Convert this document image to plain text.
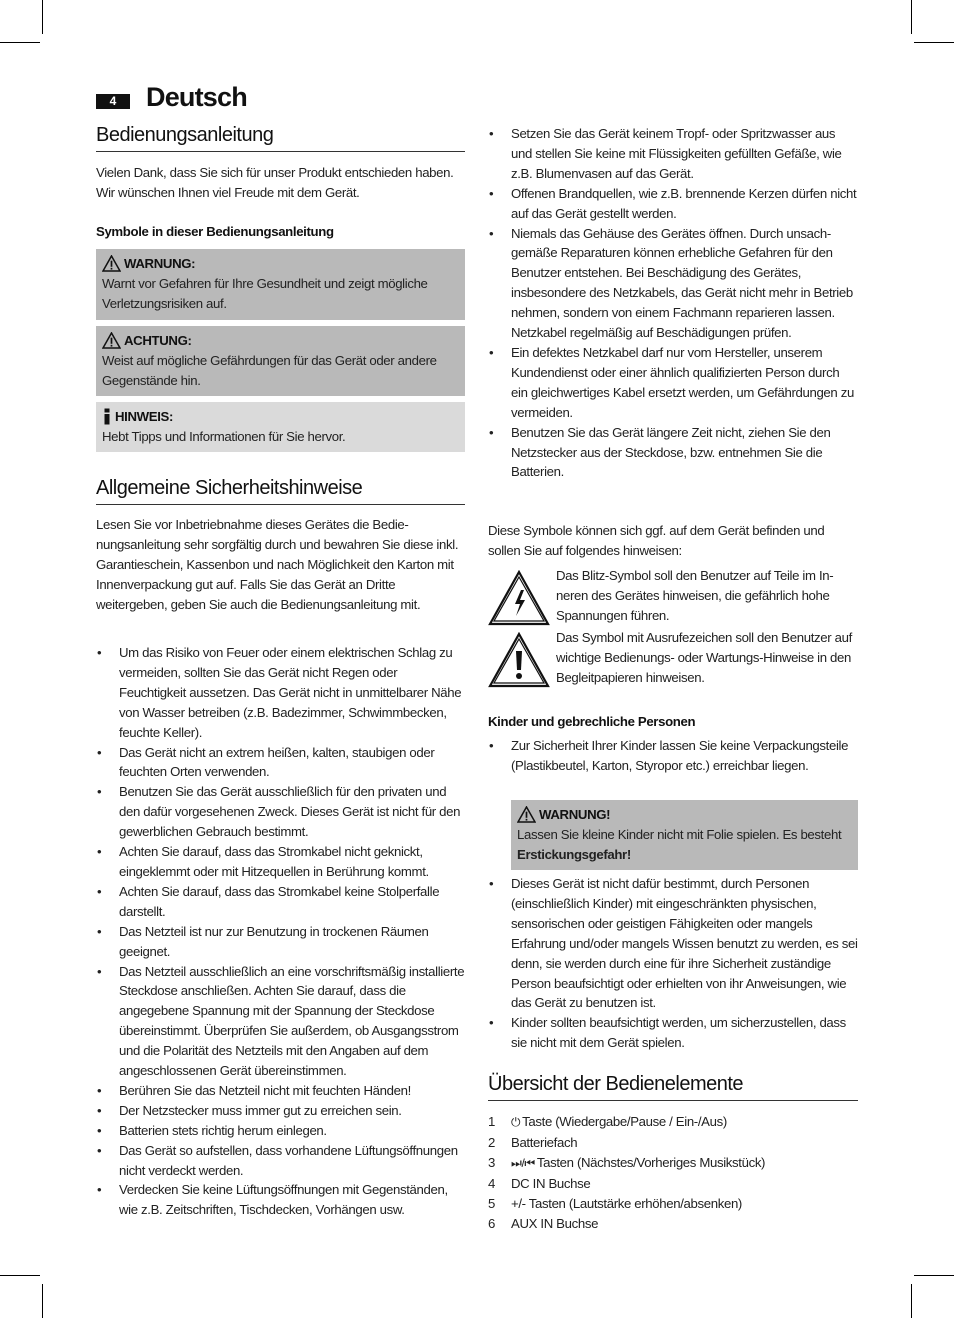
4	Deutsch
Bedienungsanleitung

Vielen Dank, dass Sie sich für unser Produkt entschieden haben. Wir wünschen Ihnen viel Freude mit dem Gerät.

Symbole in dieser Bedienungsanleitung

WARNUNG:
Warnt vor Gefahren für Ihre Gesundheit und zeigt mögliche Verletzungsrisiken auf.
ACHTUNG:
Weist auf mögliche Gefährdungen für das Gerät oder andere Gegenstände hin.
HINWEIS:
Hebt Tipps und Informationen für Sie hervor.
Allgemeine Sicherheitshinweise

Lesen Sie vor Inbetriebnahme dieses Gerätes die Bedienungsanleitung sehr sorgfältig durch und bewahren Sie diese inkl. Garantieschein, Kassenbon und nach Möglichkeit den Karton mit Innenverpackung gut auf. Falls Sie das Gerät an Dritte weitergeben, geben Sie auch die Bedienungsanleitung mit.

• Um das Risiko von Feuer oder einem elektrischen Schlag zu vermeiden, sollten Sie das Gerät nicht Regen oder Feuchtigkeit aussetzen. Das Gerät nicht in unmittelbarer Nähe von Wasser betreiben (z.B. Badezimmer, Schwimmbecken, feuchte Keller).
• Das Gerät nicht an extrem heißen, kalten, staubigen oder feuchten Orten verwenden.
• Benutzen Sie das Gerät ausschließlich für den privaten und den dafür vorgesehenen Zweck. Dieses Gerät ist nicht für den gewerblichen Gebrauch bestimmt.
• Achten Sie darauf, dass das Stromkabel nicht geknickt, eingeklemmt oder mit Hitzequellen in Berührung kommt.
• Achten Sie darauf, dass das Stromkabel keine Stolperfalle darstellt.
• Das Netzteil ist nur zur Benutzung in trockenen Räumen geeignet.
• Das Netzteil ausschließlich an eine vorschriftsmäßig installierte Steckdose anschließen. Achten Sie darauf, dass die angegebene Spannung mit der Spannung der Steckdose übereinstimmt. Überprüfen Sie außerdem, ob Ausgangsstrom und die Polarität des Netzteils mit den Angaben auf dem angeschlossenen Gerät übereinstimmen.
• Berühren Sie das Netzteil nicht mit feuchten Händen!
• Der Netzstecker muss immer gut zu erreichen sein.
• Batterien stets richtig herum einlegen.
• Das Gerät so aufstellen, dass vorhandene Lüftungsöffnungen nicht verdeckt werden.
• Verdecken Sie keine Lüftungsöffnungen mit Gegenständen, wie z.B. Zeitschriften, Tischdecken, Vorhängen usw.
• Setzen Sie das Gerät keinem Tropf- oder Spritzwasser aus und stellen Sie keine mit Flüssigkeiten gefüllten Gefäße, wie z.B. Blumenvasen auf das Gerät.
• Offenen Brandquellen, wie z.B. brennende Kerzen dürfen nicht auf das Gerät gestellt werden.
• Niemals das Gehäuse des Gerätes öffnen. Durch unsachgemäße Reparaturen können erhebliche Gefahren für den Benutzer entstehen. Bei Beschädigung des Gerätes, insbesondere des Netzkabels, das Gerät nicht mehr in Betrieb nehmen, sondern von einem Fachmann reparieren lassen. Netzkabel regelmäßig auf Beschädigungen prüfen.
• Ein defektes Netzkabel darf nur vom Hersteller, unserem Kundendienst oder einer ähnlich qualifizierten Person durch ein gleichwertiges Kabel ersetzt werden, um Gefährdungen zu vermeiden.
• Benutzen Sie das Gerät längere Zeit nicht, ziehen Sie den Netzstecker aus der Steckdose, bzw. entnehmen Sie die Batterien.

Diese Symbole können sich ggf. auf dem Gerät befinden und sollen Sie auf folgendes hinweisen:

Das Blitz-Symbol soll den Benutzer auf Teile im Inneren des Gerätes hinweisen, die gefährlich hohe Spannungen führen.
Das Symbol mit Ausrufezeichen soll den Benutzer auf wichtige Bedienungs- oder Wartungs-Hinweise in den Begleitpapieren hinweisen.

Kinder und gebrechliche Personen

• Zur Sicherheit Ihrer Kinder lassen Sie keine Verpackungsteile (Plastikbeutel, Karton, Styropor etc.) erreichbar liegen.
WARNUNG!
Lassen Sie kleine Kinder nicht mit Folie spielen. Es besteht Erstickungsgefahr!
• Dieses Gerät ist nicht dafür bestimmt, durch Personen (einschließlich Kinder) mit eingeschränkten physischen, sensorischen oder geistigen Fähigkeiten oder mangels Erfahrung und/oder mangels Wissen benutzt zu werden, es sei denn, sie werden durch eine für ihre Sicherheit zuständige Person beaufsichtigt oder erhielten von ihr Anweisungen, wie das Gerät zu benutzen ist.
• Kinder sollten beaufsichtigt werden, um sicherzustellen, dass sie nicht mit dem Gerät spielen.
Übersicht der Bedienelemente
1 ⏻ Taste (Wiedergabe/Pause / Ein-/Aus)
2 Batteriefach
3 ⏭/⏮ Tasten (Nächstes/Vorheriges Musikstück)
4 DC IN Buchse
5 +/- Tasten (Lautstärke erhöhen/absenken)
6 AUX IN Buchse
